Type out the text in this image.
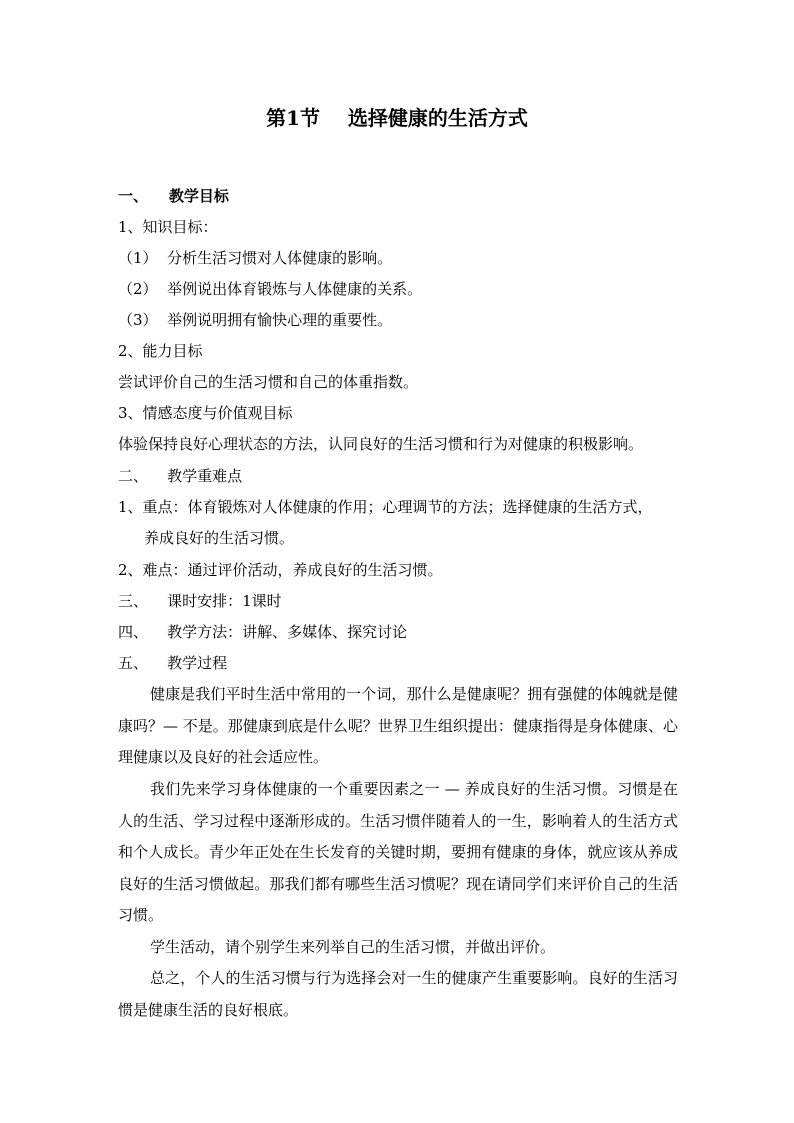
第1节    选择健康的生活方式
一、    教学目标
1、知识目标：
（1）  分析生活习惯对人体健康的影响。
（2）  举例说出体育锻炼与人体健康的关系。
（3）  举例说明拥有愉快心理的重要性。
2、能力目标
尝试评价自己的生活习惯和自己的体重指数。
3、情感态度与价值观目标
体验保持良好心理状态的方法，认同良好的生活习惯和行为对健康的积极影响。
二、    教学重难点
1、重点：体育锻炼对人体健康的作用；心理调节的方法；选择健康的生活方式，
养成良好的生活习惯。
2、难点：通过评价活动，养成良好的生活习惯。
三、    课时安排：1课时
四、    教学方法：讲解、多媒体、探究讨论
五、    教学过程
健康是我们平时生活中常用的一个词，那什么是健康呢？拥有强健的体魄就是健康吗？— 不是。那健康到底是什么呢？世界卫生组织提出：健康指得是身体健康、心理健康以及良好的社会适应性。
我们先来学习身体健康的一个重要因素之一 — 养成良好的生活习惯。习惯是在人的生活、学习过程中逐渐形成的。生活习惯伴随着人的一生，影响着人的生活方式和个人成长。青少年正处在生长发育的关键时期，要拥有健康的身体，就应该从养成良好的生活习惯做起。那我们都有哪些生活习惯呢？现在请同学们来评价自己的生活习惯。
学生活动，请个别学生来列举自己的生活习惯，并做出评价。
总之，个人的生活习惯与行为选择会对一生的健康产生重要影响。良好的生活习惯是健康生活的良好根底。
